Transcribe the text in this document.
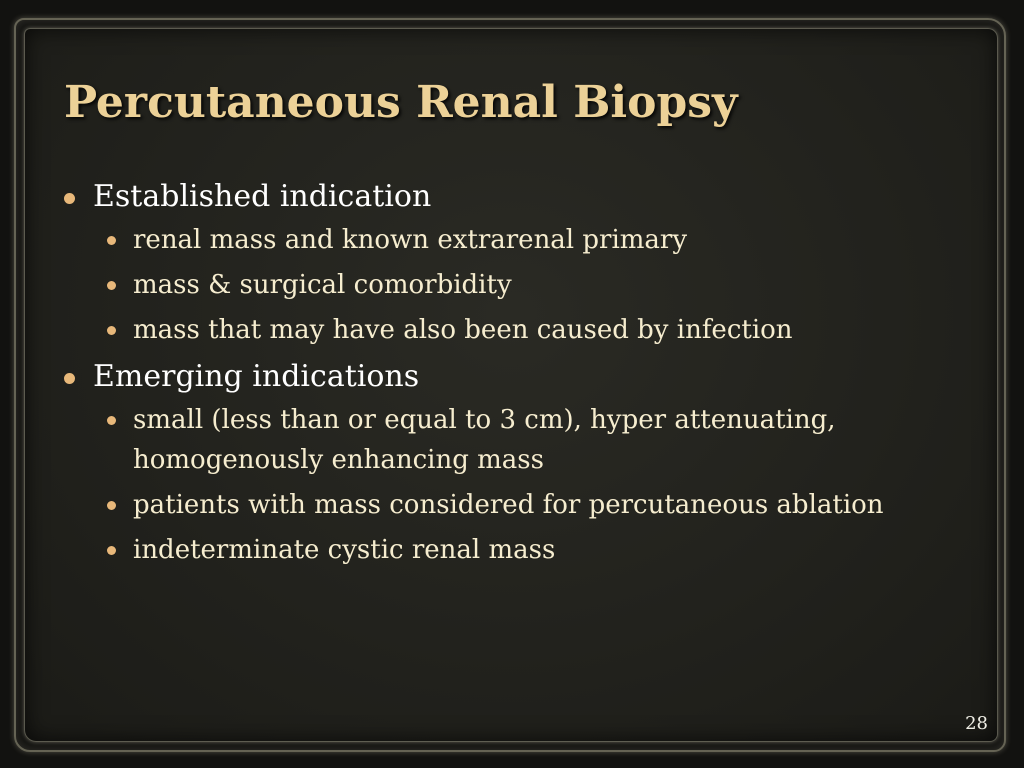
Percutaneous Renal Biopsy
Established indication
renal mass and known extrarenal primary
mass & surgical comorbidity
mass that may have also been caused by infection
Emerging indications
small (less than or equal to 3 cm), hyper attenuating, homogenously enhancing mass
patients with mass considered for percutaneous ablation
indeterminate cystic renal mass
28
